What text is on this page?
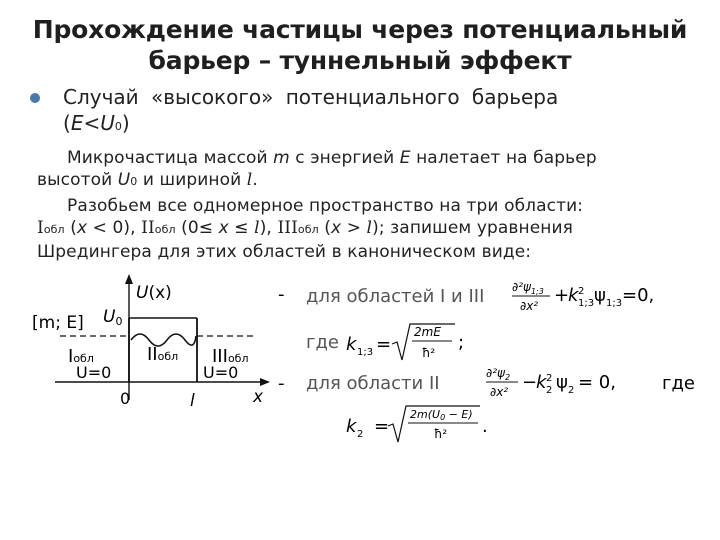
Прохождение частицы через потенциальный
барьер – туннельный эффект
Случай «высокого» потенциального барьера
(E<U0)
Микрочастица массой m с энергией E налетает на барьер
высотой U0 и шириной l.
Разобьем все одномерное пространство на три области:
Iобл (x < 0), IIобл (0≤ x ≤ l), IIIобл (x > l); запишем уравнения
Шредингера для этих областей в каноническом виде:
U(x)
[m; E] U0
Iобл	IIобл IIIобл
U=0	U=0
0	l	x
- для областей I и III $\partial^2\psi_{1;3}$
∂x² +
k 2
1;3 ψ 1;3 =0,
где k 1;3 =
2mE
ħ² ;
- для области II	$\partial^2\psi_2$
∂x² −
k 2
2 ψ 2 = 0,	где
k 2 =
2m(U0 − E)
ħ² .
